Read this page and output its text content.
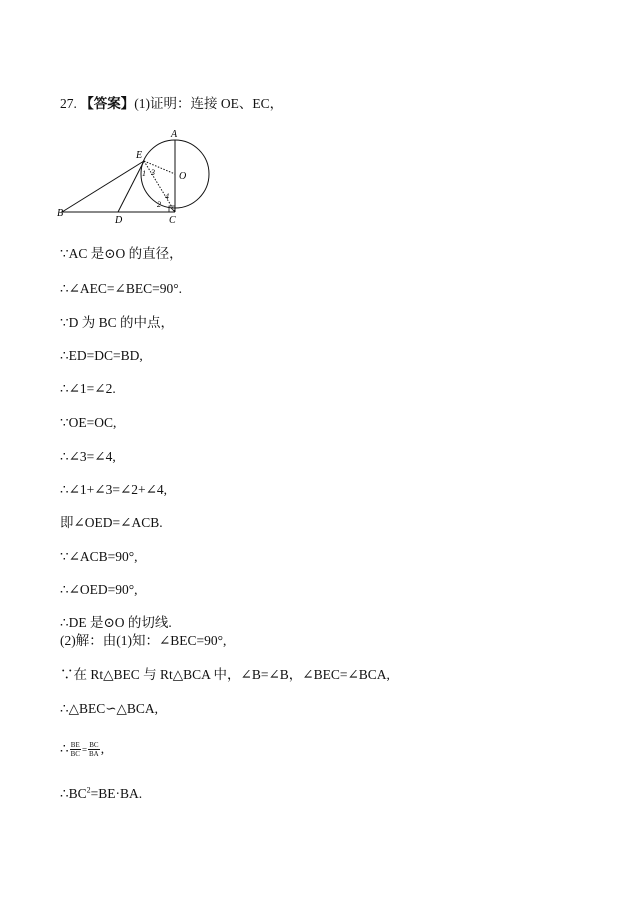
27. 【答案】(1)证明：连接 OE、EC，
A
E
O
B
D	C
1 3
4
2
∵AC 是⊙O 的直径，
∴∠AEC=∠BEC=90°.
∵D 为 BC 的中点，
∴ED=DC=BD,
∴∠1=∠2.
∵OE=OC,
∴∠3=∠4,
∴∠1+∠3=∠2+∠4,
即∠OED=∠ACB.
∵∠ACB=90°,
∴∠OED=90°,
∴DE 是⊙O 的切线.
(2)解：由(1)知：∠BEC=90°,
∵在 Rt△BEC 与 Rt△BCA 中，∠B=∠B，∠BEC=∠BCA,
∴△BEC∽△BCA,
∴ $\frac{BE}{BC} = \frac{BC}{BA}$ ,
$\therefore BC^2=BE\cdot BA$.
